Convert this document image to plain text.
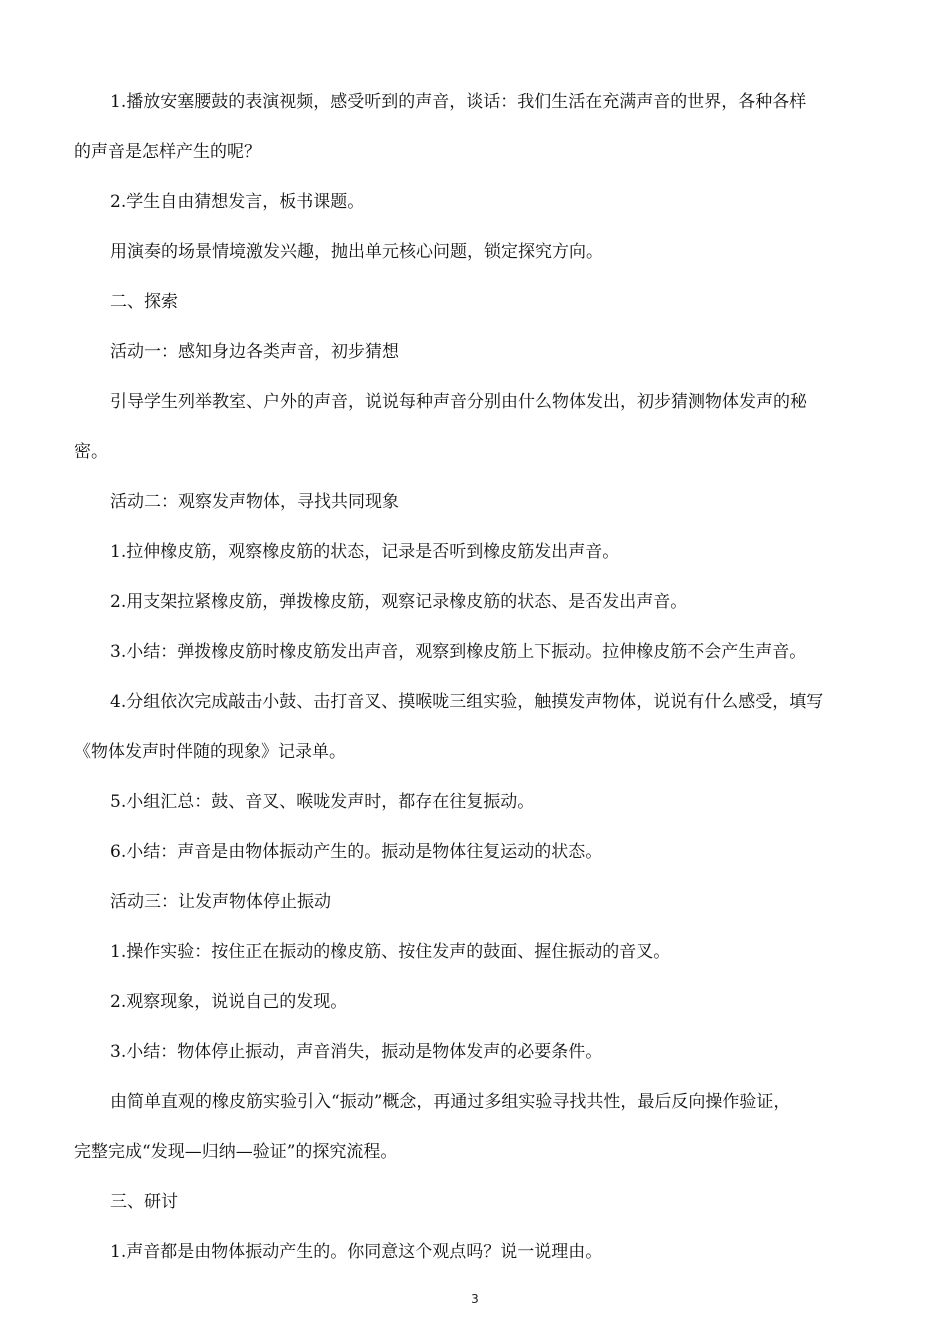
1.播放安塞腰鼓的表演视频，感受听到的声音，谈话：我们生活在充满声音的世界，各种各样

的声音是怎样产生的呢？

2.学生自由猜想发言，板书课题。

用演奏的场景情境激发兴趣，抛出单元核心问题，锁定探究方向。

二、探索

活动一：感知身边各类声音，初步猜想

引导学生列举教室、户外的声音，说说每种声音分别由什么物体发出，初步猜测物体发声的秘

密。

活动二：观察发声物体，寻找共同现象

1.拉伸橡皮筋，观察橡皮筋的状态，记录是否听到橡皮筋发出声音。

2.用支架拉紧橡皮筋，弹拨橡皮筋，观察记录橡皮筋的状态、是否发出声音。

3.小结：弹拨橡皮筋时橡皮筋发出声音，观察到橡皮筋上下振动。拉伸橡皮筋不会产生声音。

4.分组依次完成敲击小鼓、击打音叉、摸喉咙三组实验，触摸发声物体，说说有什么感受，填写

《物体发声时伴随的现象》记录单。

5.小组汇总：鼓、音叉、喉咙发声时，都存在往复振动。

6.小结：声音是由物体振动产生的。振动是物体往复运动的状态。

活动三：让发声物体停止振动

1.操作实验：按住正在振动的橡皮筋、按住发声的鼓面、握住振动的音叉。

2.观察现象，说说自己的发现。

3.小结：物体停止振动，声音消失，振动是物体发声的必要条件。

由简单直观的橡皮筋实验引入“振动”概念，再通过多组实验寻找共性，最后反向操作验证，

完整完成“发现—归纳—验证”的探究流程。

三、研讨

1.声音都是由物体振动产生的。你同意这个观点吗？说一说理由。

3
